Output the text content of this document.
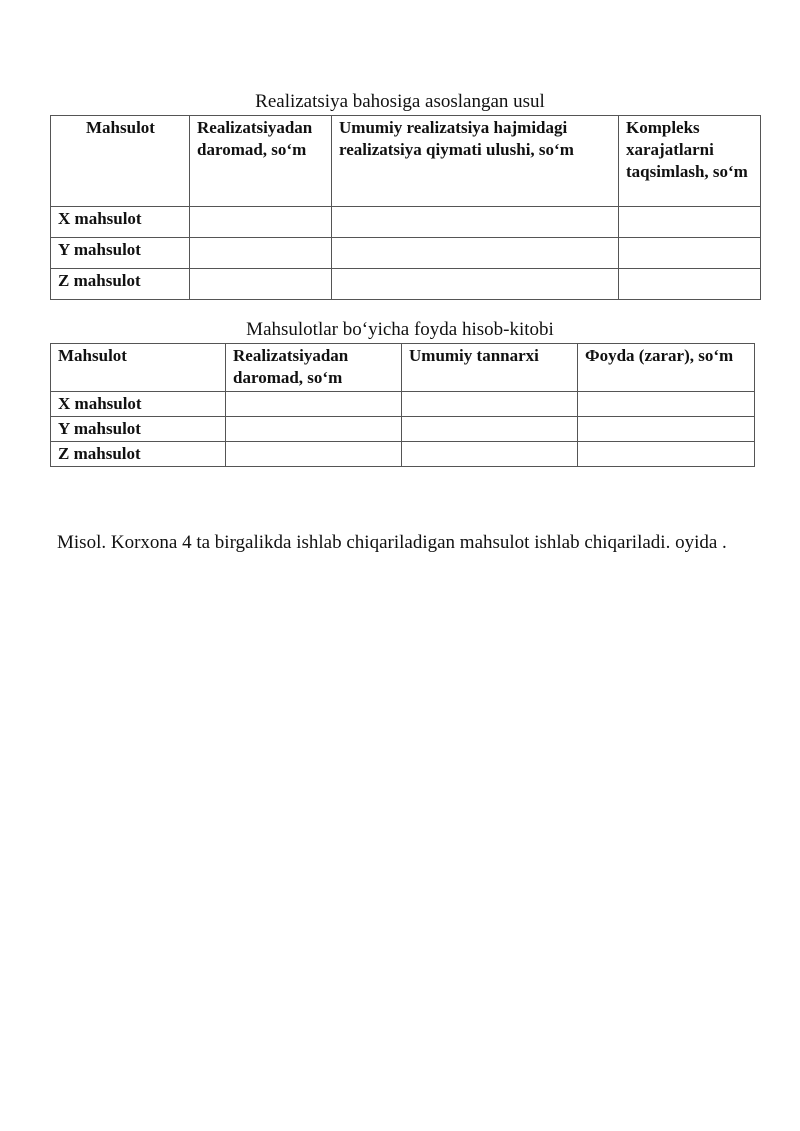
Realizatsiya bahosiga asoslangan usul
Mahsulot	Realizatsiyadan daromad, so‘m	Umumiy realizatsiya hajmidagi realizatsiya qiymati ulushi, so‘m	Kompleks xarajatlarni taqsimlash, so‘m
X mahsulot			
Y mahsulot			
Z mahsulot			
Mahsulotlar bo‘yicha foyda hisob-kitobi
Mahsulot	Realizatsiyadan daromad, so‘m	Umumiy tannarxi	Фoyda (zarar), so‘m
X mahsulot			
Y mahsulot			
Z mahsulot			

Misol. Korxona 4 ta birgalikda ishlab chiqariladigan mahsulot ishlab chiqariladi. oyida .
